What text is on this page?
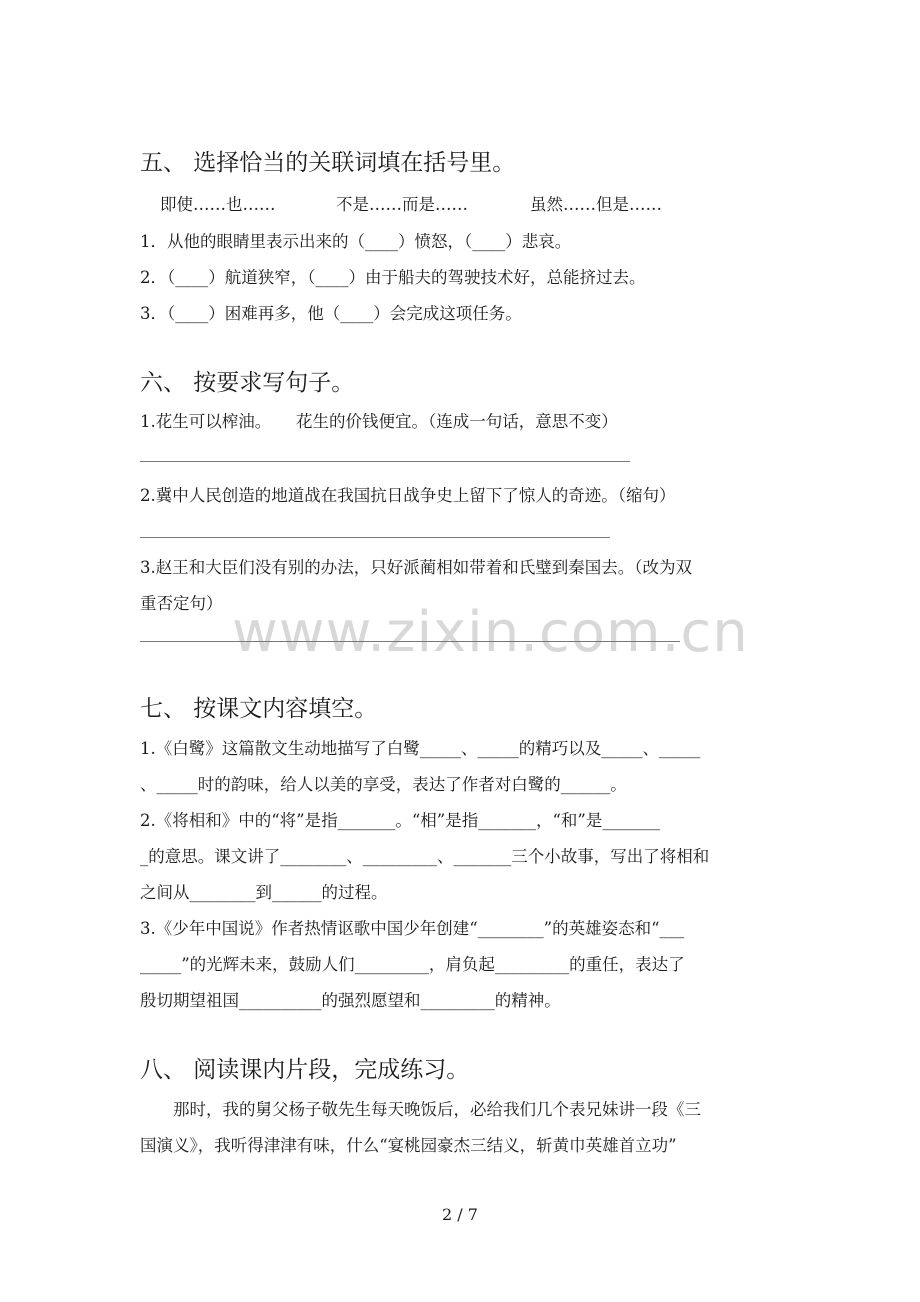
www.zixin.com.cn
五、 选择恰当的关联词填在括号里。
即使……也……	不是……而是……	虽然……但是……
1．从他的眼睛里表示出来的（____）愤怒，（____）悲哀。
2．（____）航道狭窄，（____）由于船夫的驾驶技术好，总能挤过去。
3．（____）困难再多，他（____）会完成这项任务。
六、 按要求写句子。
1.花生可以榨油。　　花生的价钱便宜。（连成一句话，意思不变）
2.冀中人民创造的地道战在我国抗日战争史上留下了惊人的奇迹。（缩句）
3.赵王和大臣们没有别的办法，只好派蔺相如带着和氏璧到秦国去。（改为双
重否定句）
七、 按课文内容填空。
1.《白鹭》这篇散文生动地描写了白鹭_____、_____的精巧以及_____、_____
、_____时的韵味，给人以美的享受，表达了作者对白鹭的______。
2.《将相和》中的“将”是指_______。“相”是指_______，“和”是_______
_的意思。课文讲了________、_________、_______三个小故事，写出了将相和
之间从________到______的过程。
3.《少年中国说》作者热情讴歌中国少年创建“________”的英雄姿态和“___
_____”的光辉未来，鼓励人们_________，肩负起_________的重任，表达了
殷切期望祖国__________的强烈愿望和_________的精神。
八、 阅读课内片段，完成练习。
那时，我的舅父杨子敬先生每天晚饭后，必给我们几个表兄妹讲一段《三
国演义》，我听得津津有味，什么“宴桃园豪杰三结义，斩黄巾英雄首立功”
2 / 7
